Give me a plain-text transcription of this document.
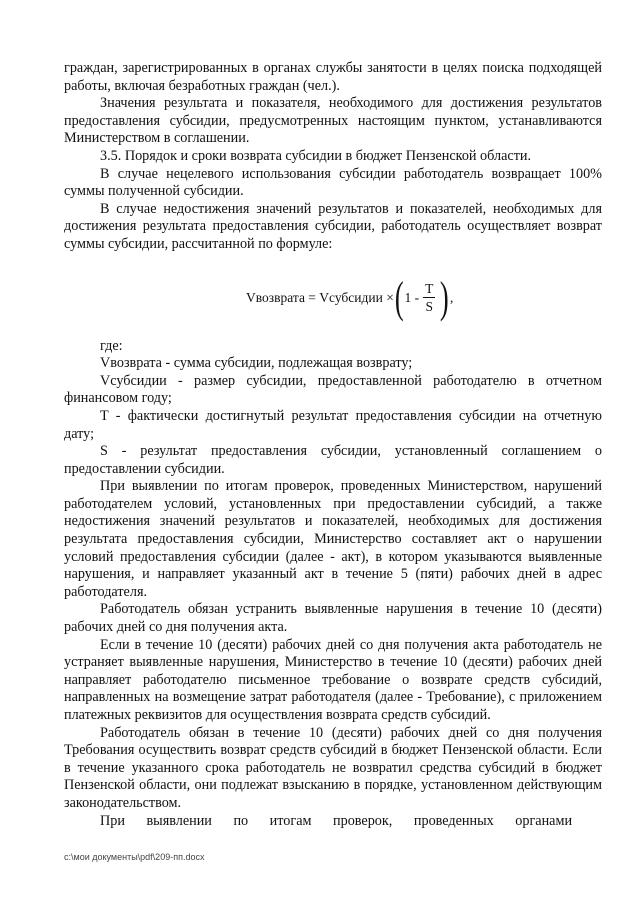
граждан, зарегистрированных в органах службы занятости в целях поиска подходящей работы, включая безработных граждан (чел.).

Значения результата и показателя, необходимого для достижения результатов предоставления субсидии, предусмотренных настоящим пунктом, устанавливаются Министерством в соглашении.

3.5. Порядок и сроки возврата субсидии в бюджет Пензенской области.

В случае нецелевого использования субсидии работодатель возвращает 100% суммы полученной субсидии.

В случае недостижения значений результатов и показателей, необходимых для достижения результата предоставления субсидии, работодатель осуществляет возврат суммы субсидии, рассчитанной по формуле:

Vвозврата = Vсубсидии × ( $1 - \frac{T}{S}$ ) ,

где:

Vвозврата - сумма субсидии, подлежащая возврату;

Vсубсидии - размер субсидии, предоставленной работодателю в отчетном финансовом году;

T - фактически достигнутый результат предоставления субсидии на отчетную дату;

S - результат предоставления субсидии, установленный соглашением о предоставлении субсидии.

При выявлении по итогам проверок, проведенных Министерством, нарушений работодателем условий, установленных при предоставлении субсидий, а также недостижения значений результатов и показателей, необходимых для достижения результата предоставления субсидии, Министерство составляет акт о нарушении условий предоставления субсидии (далее - акт), в котором указываются выявленные нарушения, и направляет указанный акт в течение 5 (пяти) рабочих дней в адрес работодателя.

Работодатель обязан устранить выявленные нарушения в течение 10 (десяти) рабочих дней со дня получения акта.

Если в течение 10 (десяти) рабочих дней со дня получения акта работодатель не устраняет выявленные нарушения, Министерство в течение 10 (десяти) рабочих дней направляет работодателю письменное требование о возврате средств субсидий, направленных на возмещение затрат работодателя (далее - Требование), с приложением платежных реквизитов для осуществления возврата средств субсидий.

Работодатель обязан в течение 10 (десяти) рабочих дней со дня получения Требования осуществить возврат средств субсидий в бюджет Пензенской области. Если в течение указанного срока работодатель не возвратил средства субсидий в бюджет Пензенской области, они подлежат взысканию в порядке, установленном действующим законодательством.

При выявлении по итогам проверок, проведенных органами

c:\мои документы\pdf\209-пп.docx
